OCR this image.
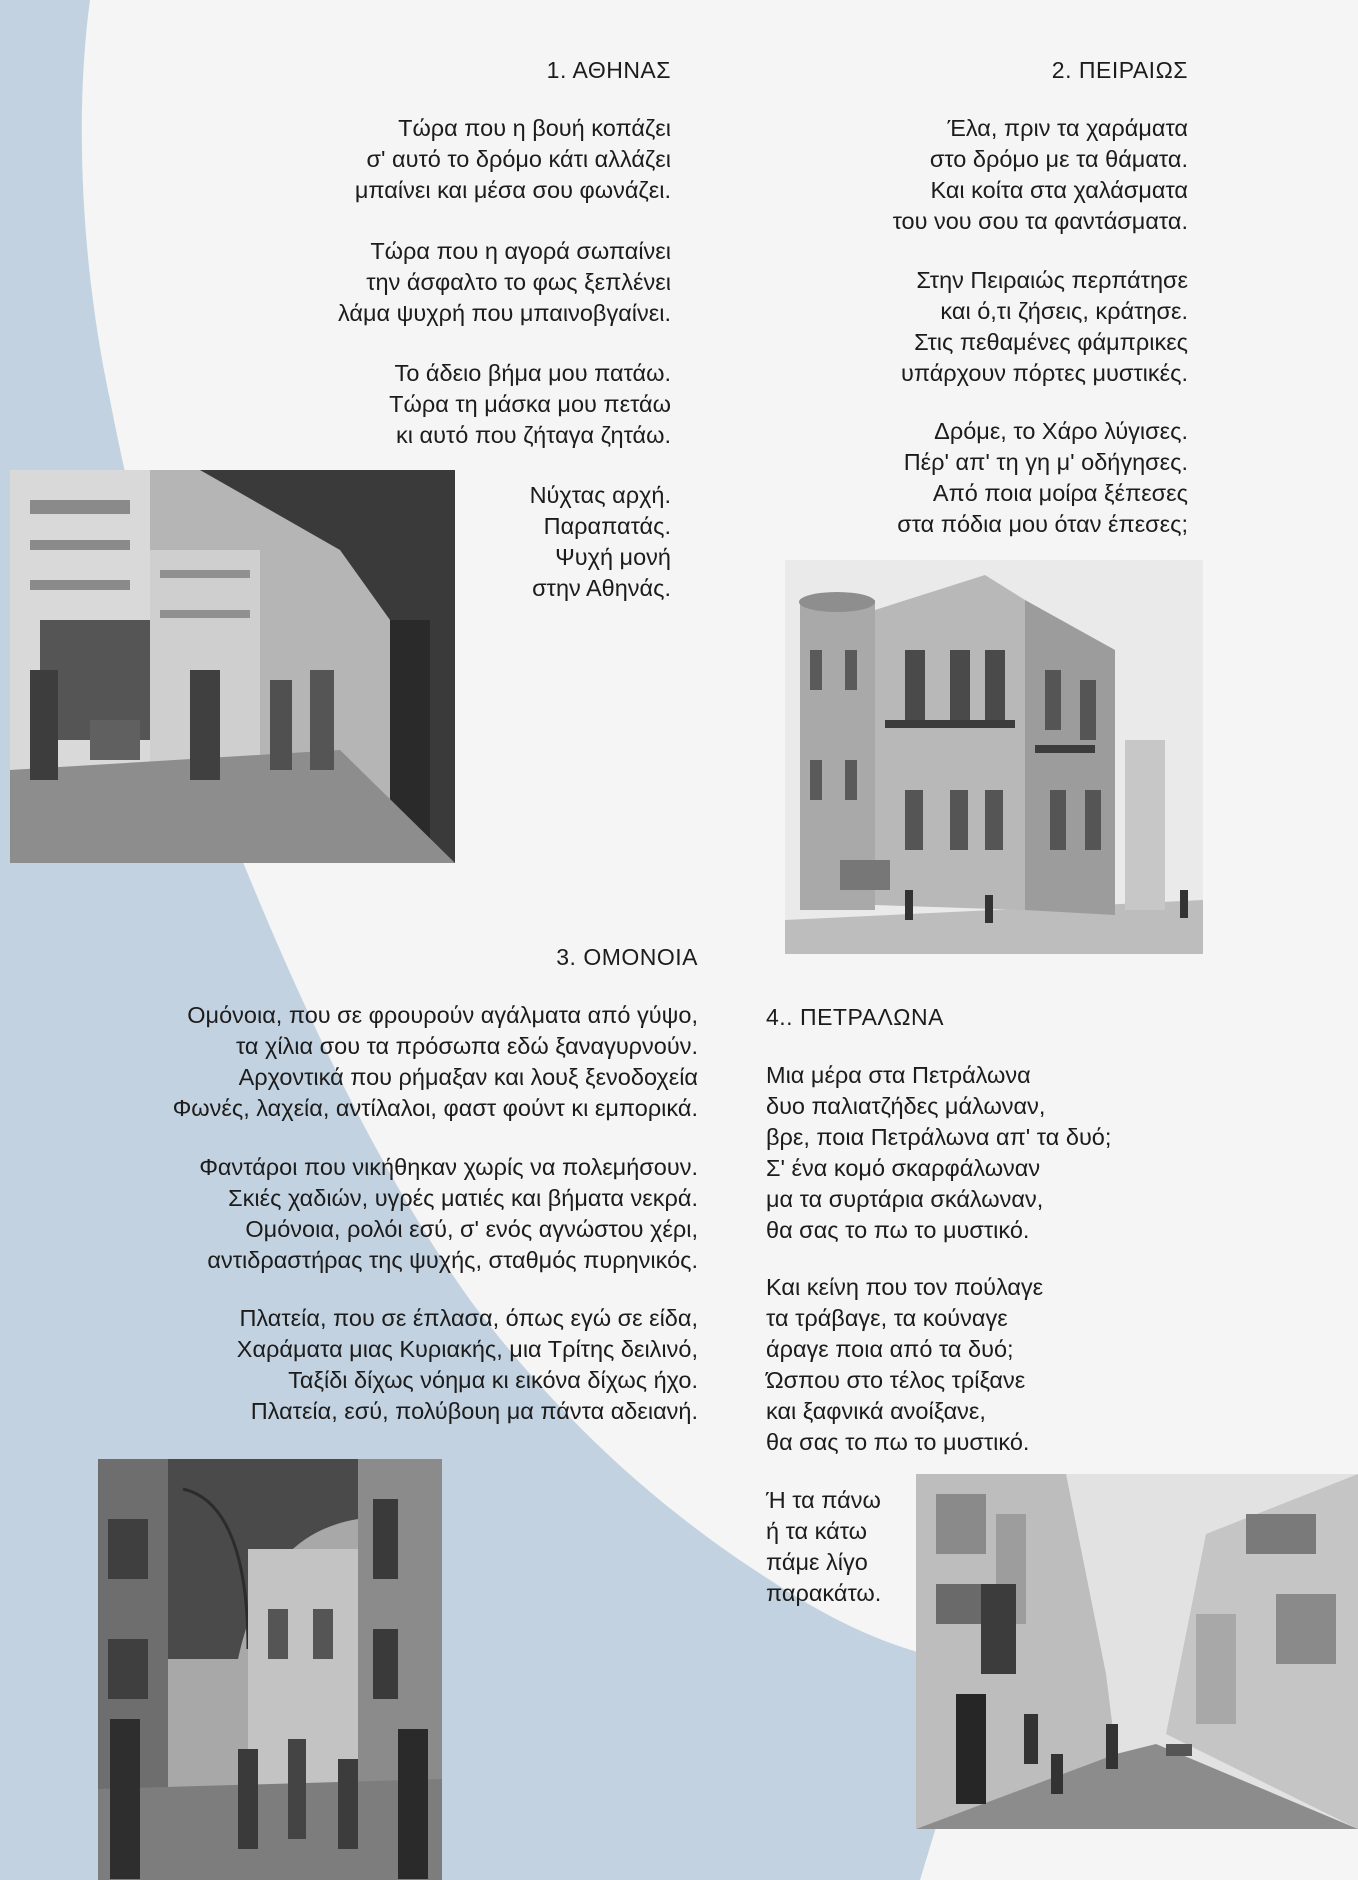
1. ΑΘΗΝΑΣ
Τώρα που η βουή κοπάζει
σ' αυτό το δρόμο κάτι αλλάζει
μπαίνει και μέσα σου φωνάζει.
Τώρα που η αγορά σωπαίνει
την άσφαλτο το φως ξεπλένει
λάμα ψυχρή που μπαινοβγαίνει.
Το άδειο βήμα μου πατάω.
Τώρα τη μάσκα μου πετάω
κι αυτό που ζήταγα ζητάω.
Νύχτας αρχή.
Παραπατάς.
Ψυχή μονή
στην Αθηνάς.
2. ΠΕΙΡΑΙΩΣ
Έλα, πριν τα χαράματα
στο δρόμο με τα θάματα.
Και κοίτα στα χαλάσματα
του νου σου τα φαντάσματα.
Στην Πειραιώς περπάτησε
και ό,τι ζήσεις, κράτησε.
Στις πεθαμένες φάμπρικες
υπάρχουν πόρτες μυστικές.
Δρόμε, το Χάρο λύγισες.
Πέρ' απ' τη γη μ' οδήγησες.
Από ποια μοίρα ξέπεσες
στα πόδια μου όταν έπεσες;
3. ΟΜΟΝΟΙΑ
Ομόνοια, που σε φρουρούν αγάλματα από γύψο,
τα χίλια σου τα πρόσωπα εδώ ξαναγυρνούν.
Αρχοντικά που ρήμαξαν και λουξ ξενοδοχεία
Φωνές, λαχεία, αντίλαλοι, φαστ φούντ κι εμπορικά.
Φαντάροι που νικήθηκαν χωρίς να πολεμήσουν.
Σκιές χαδιών, υγρές ματιές και βήματα νεκρά.
Ομόνοια, ρολόι εσύ, σ' ενός αγνώστου χέρι,
αντιδραστήρας της ψυχής, σταθμός πυρηνικός.
Πλατεία, που σε έπλασα, όπως εγώ σε είδα,
Χαράματα μιας Κυριακής, μια Τρίτης δειλινό,
Ταξίδι δίχως νόημα κι εικόνα δίχως ήχο.
Πλατεία, εσύ, πολύβουη μα πάντα αδειανή.
4.. ΠΕΤΡΑΛΩΝΑ
Μια μέρα στα Πετράλωνα
δυο παλιατζήδες μάλωναν,
βρε, ποια Πετράλωνα απ' τα δυό;
Σ' ένα κομό σκαρφάλωναν
μα τα συρτάρια σκάλωναν,
θα σας το πω το μυστικό.
Και κείνη που τον πούλαγε
τα τράβαγε, τα κούναγε
άραγε ποια από τα δυό;
Ώσπου στο τέλος τρίξανε
και ξαφνικά ανοίξανε,
θα σας το πω το μυστικό.
Ή τα πάνω
ή τα κάτω
πάμε λίγο
παρακάτω.
